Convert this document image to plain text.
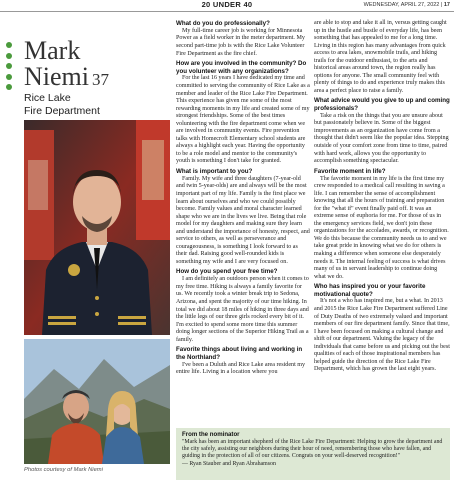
20 UNDER 40	WEDNESDAY, APRIL 27, 2022 | 17
Mark
Niemi 37
Rice Lake
Fire Department
Photos courtesy of Mark Niemi
What do you do professionally?

My full-time career job is working for Minnesota Power as a field worker in the meter department. My second part-time job is with the Rice Lake Volunteer Fire Department as the fire chief.

How are you involved in the community? Do you volunteer with any organizations?

For the last 16 years I have dedicated my time and committed to serving the community of Rice Lake as a member and leader of the Rice Lake Fire Department. This experience has given me some of the most rewarding moments in my life and created some of my strongest friendships. Some of the best times volunteering with the fire department come when we are involved in community events. Fire prevention talks with Homecroft Elementary school students are always a highlight each year. Having the opportunity to be a role model and mentor to the community's youth is something I don't take for granted.

What is important to you?

Family. My wife and three daughters (7-year-old and twin 5-year-olds) are and always will be the most important part of my life. Family is the first place we learn about ourselves and who we could possibly become. Family values and moral character learned shape who we are in the lives we live. Being that role model for my daughters and making sure they learn and understand the importance of honesty, respect, and service to others, as well as perseverance and courageousness, is something I look forward to as their dad. Raising good well-rounded kids is something my wife and I are very focused on.

How do you spend your free time?

I am definitely an outdoors person when it comes to my free time. Hiking is always a family favorite for us. We recently took a winter break trip to Sedona, Arizona, and spent the majority of our time hiking. In total we did about 18 miles of hiking in three days and the little legs of our three girls rocked every bit of it. I'm excited to spend some more time this summer doing longer sections of the Superior Hiking Trail as a family.

Favorite things about living and working in the Northland?

I've been a Duluth and Rice Lake area resident my entire life. Living in a location where you

are able to stop and take it all in, versus getting caught up in the hustle and bustle of everyday life, has been something that has appealed to me for a long time. Living in this region has many advantages from quick access to area lakes, snowmobile trails, and hiking trails for the outdoor enthusiast, to the arts and historical areas around town, the region really has options for anyone. The small community feel with plenty of things to do and experience truly makes this area a perfect place to raise a family.

What advice would you give to up and coming professionals?

Take a risk on the things that you are unsure about but passionately believe in. Some of the biggest improvements as an organization have come from a thought that didn't seem like the popular idea. Stepping outside of your comfort zone from time to time, paired with hard work, allows you the opportunity to accomplish something spectacular.

Favorite moment in life?

The favorite moment in my life is the first time my crew responded to a medical call resulting in saving a life. I can remember the sense of accomplishment knowing that all the hours of training and preparation for the "what if" event finally paid off. It was an extreme sense of euphoria for me. For those of us in the emergency services field, we don't join these organizations for the accolades, awards, or recognition. We do this because the community needs us to and we take great pride in knowing what we do for others is making a difference when someone else desperately needs it. The internal feeling of success is what drives many of us in servant leadership to continue doing what we do.

Who has inspired you or your favorite motivational quote?

It's not a who has inspired me, but a what. In 2013 and 2015 the Rice Lake Fire Department suffered Line of Duty Deaths of two extremely valued and important members of our fire department family. Since that time, I have been focused on making a cultural change and shift of our department. Valuing the legacy of the individuals that came before us and picking out the best qualities of each of those inspirational members has helped guide the direction of the Rice Lake Fire Department, which has grown the last eight years.

From the nominator
"Mark has been an important shepherd of the Rice Lake Fire Department: Helping to grow the department and the city safely, assisting our neighbors during their hour of need, remembering those who have fallen, and guiding in the protection of all of our citizens. Congrats on your well-deserved recognition!"
— Ryan Stauber and Ryan Abrahamson
